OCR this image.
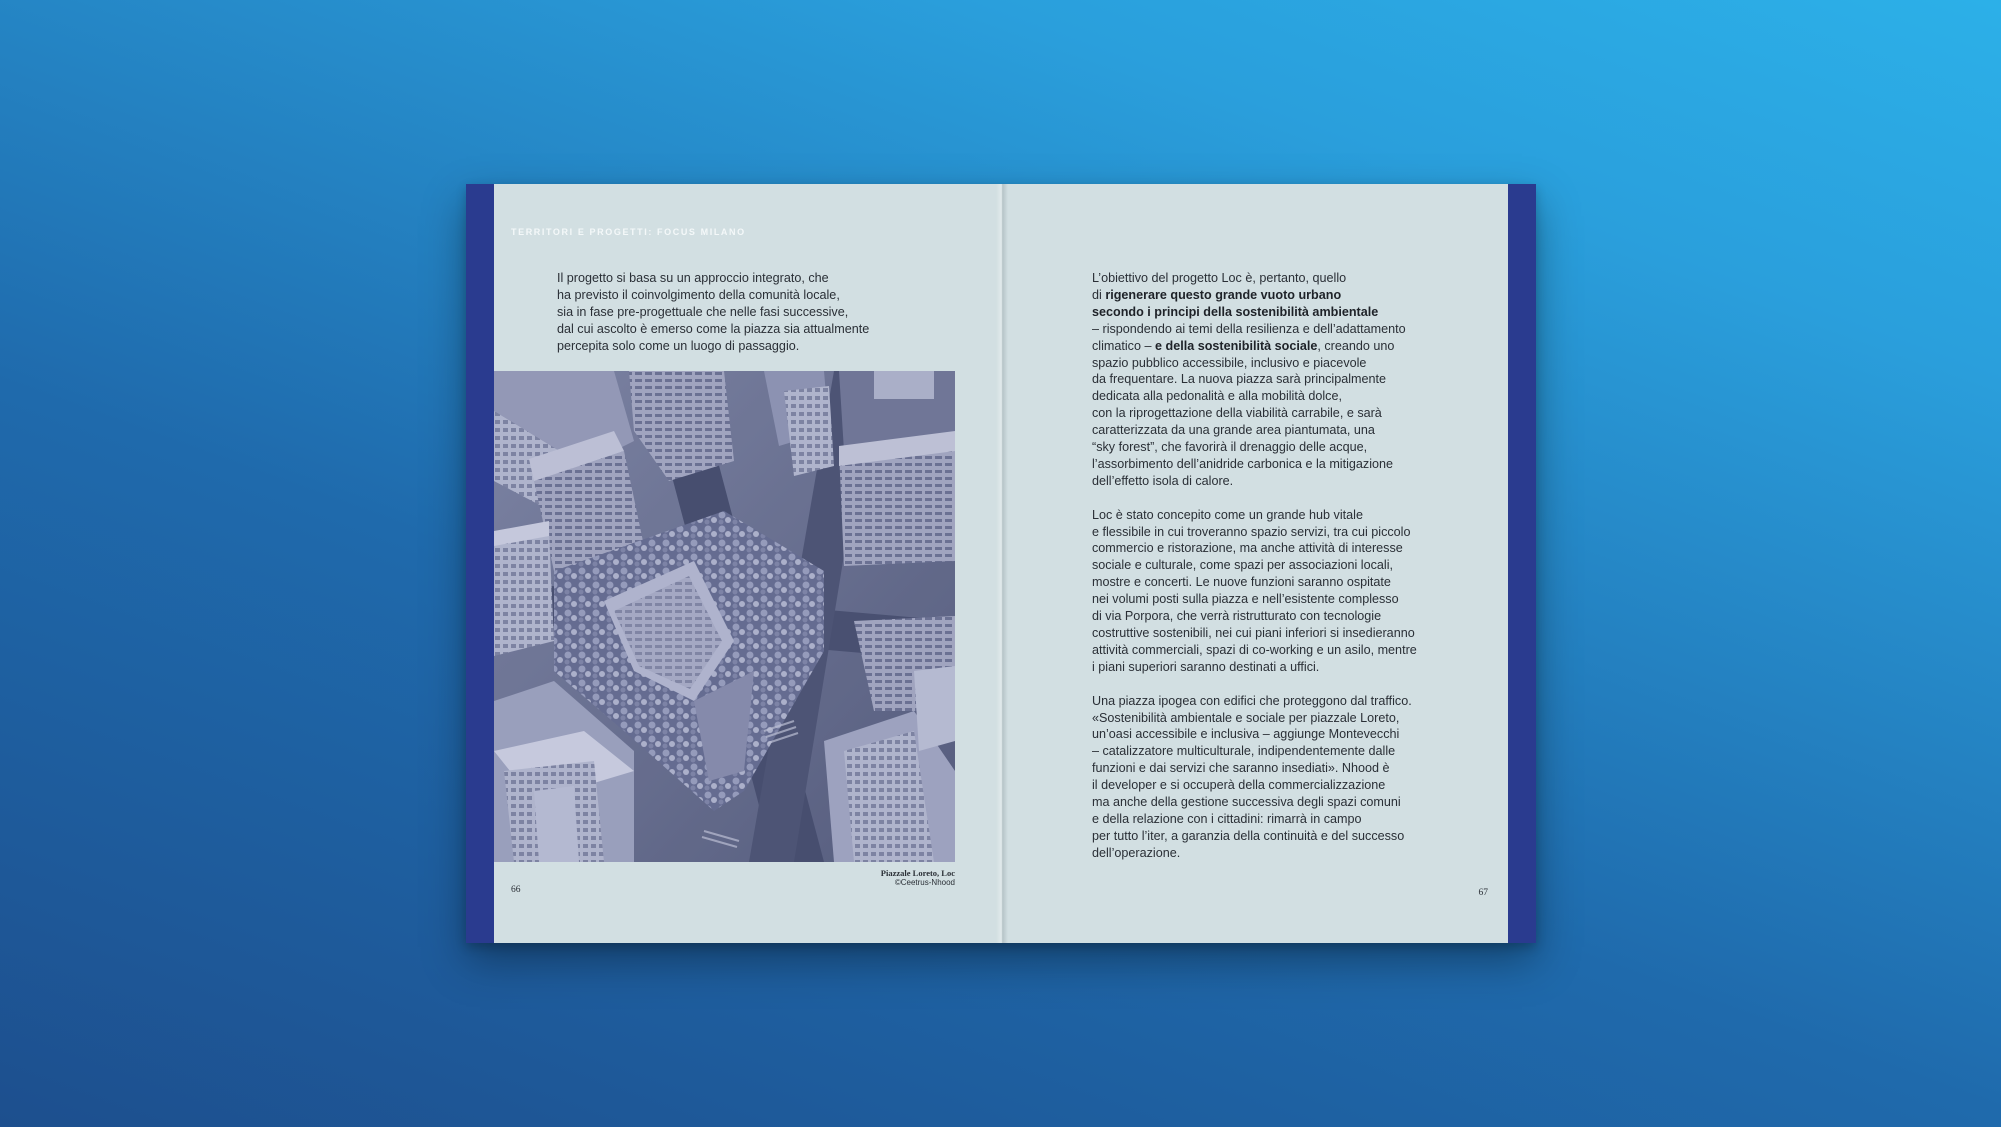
TERRITORI E PROGETTI: FOCUS MILANO
Il progetto si basa su un approccio integrato, che
ha previsto il coinvolgimento della comunità locale,
sia in fase pre-progettuale che nelle fasi successive,
dal cui ascolto è emerso come la piazza sia attualmente
percepita solo come un luogo di passaggio.
Piazzale Loreto, Loc
©Ceetrus-Nhood
66
L’obiettivo del progetto Loc è, pertanto, quello
di rigenerare questo grande vuoto urbano
secondo i principi della sostenibilità ambientale
– rispondendo ai temi della resilienza e dell’adattamento
climatico – e della sostenibilità sociale, creando uno
spazio pubblico accessibile, inclusivo e piacevole
da frequentare. La nuova piazza sarà principalmente
dedicata alla pedonalità e alla mobilità dolce,
con la riprogettazione della viabilità carrabile, e sarà
caratterizzata da una grande area piantumata, una
“sky forest”, che favorirà il drenaggio delle acque,
l’assorbimento dell’anidride carbonica e la mitigazione
dell’effetto isola di calore.
Loc è stato concepito come un grande hub vitale
e flessibile in cui troveranno spazio servizi, tra cui piccolo
commercio e ristorazione, ma anche attività di interesse
sociale e culturale, come spazi per associazioni locali,
mostre e concerti. Le nuove funzioni saranno ospitate
nei volumi posti sulla piazza e nell’esistente complesso
di via Porpora, che verrà ristrutturato con tecnologie
costruttive sostenibili, nei cui piani inferiori si insedieranno
attività commerciali, spazi di co-working e un asilo, mentre
i piani superiori saranno destinati a uffici.
Una piazza ipogea con edifici che proteggono dal traffico.
«Sostenibilità ambientale e sociale per piazzale Loreto,
un’oasi accessibile e inclusiva – aggiunge Montevecchi
– catalizzatore multiculturale, indipendentemente dalle
funzioni e dai servizi che saranno insediati». Nhood è
il developer e si occuperà della commercializzazione
ma anche della gestione successiva degli spazi comuni
e della relazione con i cittadini: rimarrà in campo
per tutto l’iter, a garanzia della continuità e del successo
dell’operazione.
67
